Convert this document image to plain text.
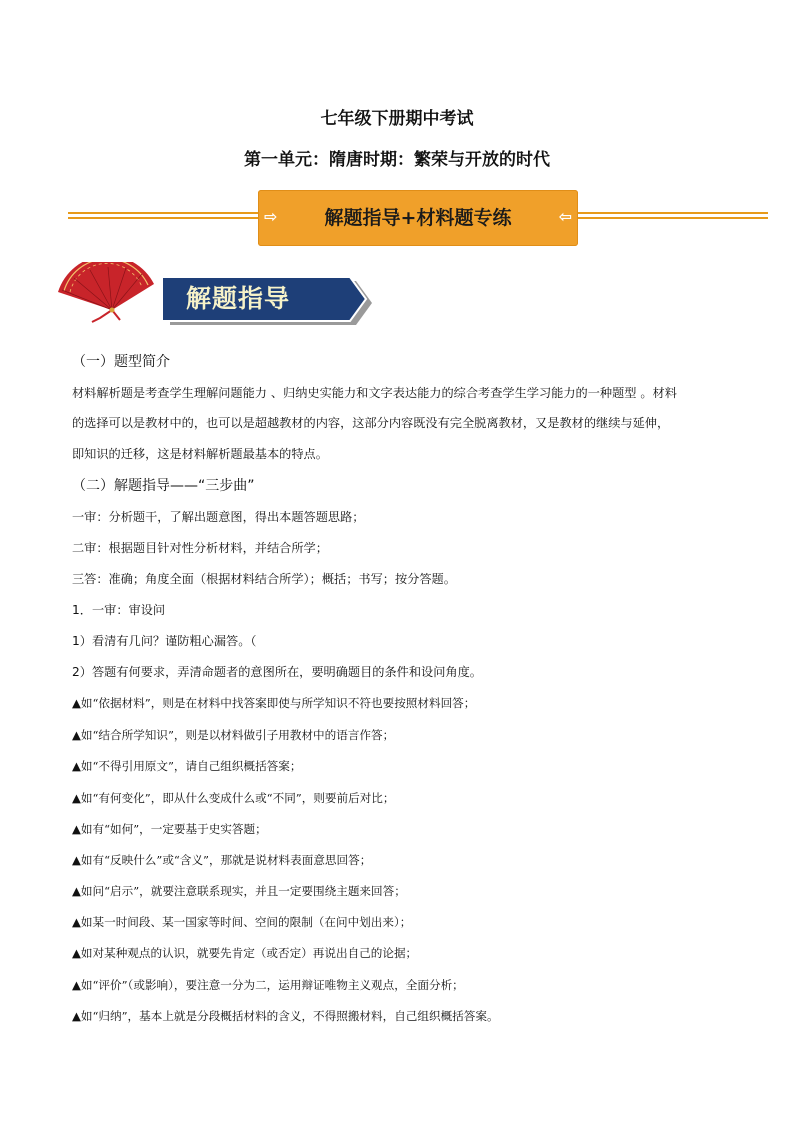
七年级下册期中考试
第一单元：隋唐时期：繁荣与开放的时代
⇨	解题指导+材料题专练	⇦
解题指导
（一）题型简介
材料解析题是考查学生理解问题能力 、归纳史实能力和文字表达能力的综合考查学生学习能力的一种题型 。材料
的选择可以是教材中的，也可以是超越教材的内容，这部分内容既没有完全脱离教材，又是教材的继续与延伸，
即知识的迁移，这是材料解析题最基本的特点。
（二）解题指导——“三步曲”
一审：分析题干，了解出题意图，得出本题答题思路；
二审：根据题目针对性分析材料，并结合所学；
三答：准确；角度全面（根据材料结合所学）；概括；书写；按分答题。
1．一审：审设问
1）看清有几问？谨防粗心漏答。（
2）答题有何要求，弄清命题者的意图所在，要明确题目的条件和设问角度。
▲如“依据材料”，则是在材料中找答案即使与所学知识不符也要按照材料回答；
▲如“结合所学知识”，则是以材料做引子用教材中的语言作答；
▲如“不得引用原文”，请自己组织概括答案；
▲如“有何变化”，即从什么变成什么或“不同”，则要前后对比；
▲如有“如何”，一定要基于史实答题；
▲如有“反映什么”或“含义”，那就是说材料表面意思回答；
▲如问“启示”，就要注意联系现实，并且一定要围绕主题来回答；
▲如某一时间段、某一国家等时间、空间的限制（在问中划出来）；
▲如对某种观点的认识，就要先肯定（或否定）再说出自己的论据；
▲如“评价”（或影响），要注意一分为二，运用辩证唯物主义观点，全面分析；
▲如“归纳”，基本上就是分段概括材料的含义，不得照搬材料，自己组织概括答案。
